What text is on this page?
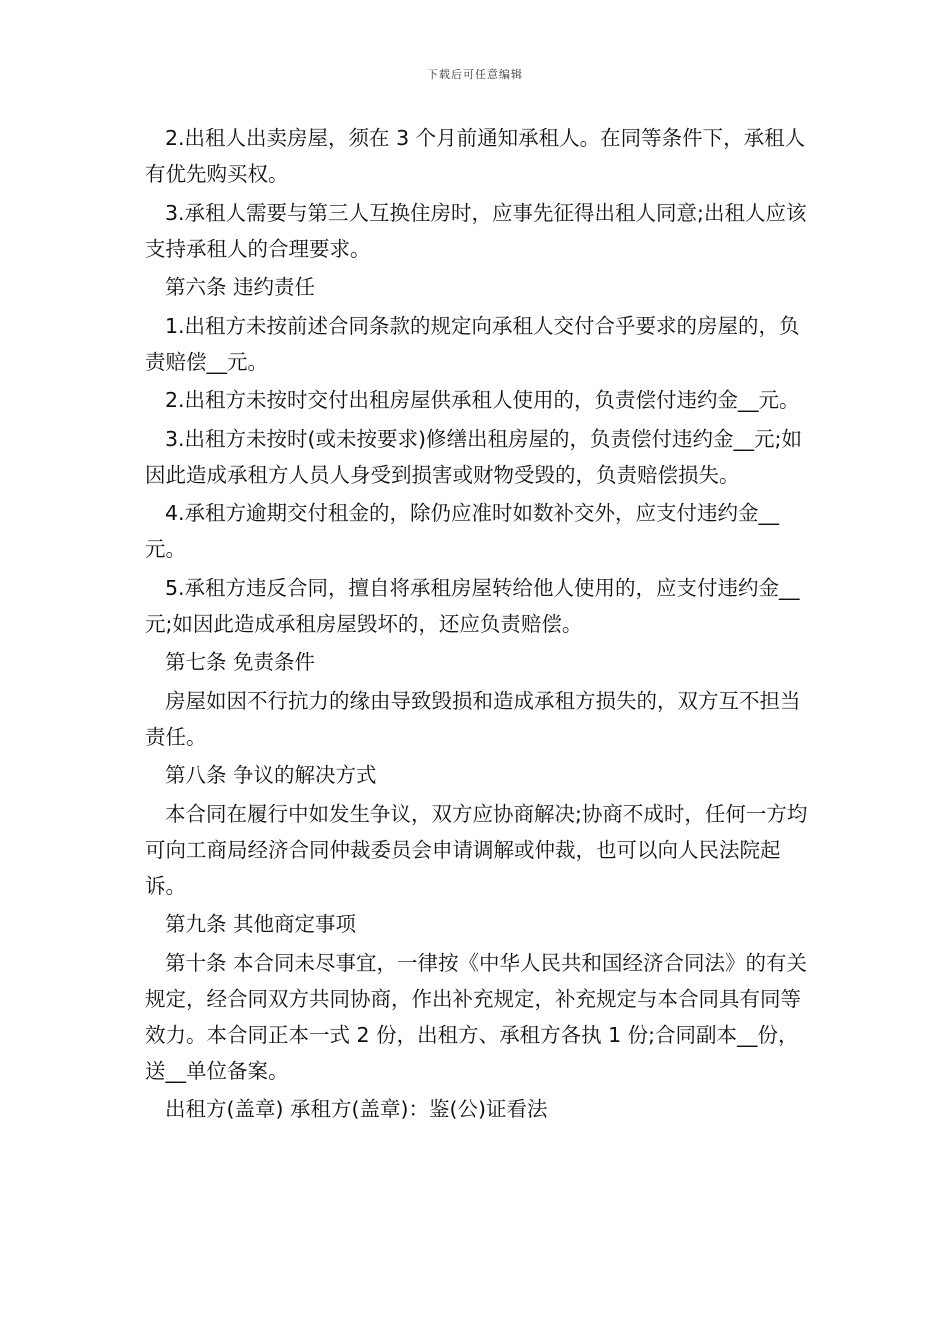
下载后可任意编辑

2.出租人出卖房屋，须在 3 个月前通知承租人。在同等条件下，承租人有优先购买权。

3.承租人需要与第三人互换住房时，应事先征得出租人同意;出租人应该支持承租人的合理要求。

第六条 违约责任

1.出租方未按前述合同条款的规定向承租人交付合乎要求的房屋的，负责赔偿__元。

2.出租方未按时交付出租房屋供承租人使用的，负责偿付违约金__元。

3.出租方未按时(或未按要求)修缮出租房屋的，负责偿付违约金__元;如因此造成承租方人员人身受到损害或财物受毁的，负责赔偿损失。

4.承租方逾期交付租金的，除仍应准时如数补交外，应支付违约金__元。

5.承租方违反合同，擅自将承租房屋转给他人使用的，应支付违约金__元;如因此造成承租房屋毁坏的，还应负责赔偿。

第七条 免责条件

房屋如因不行抗力的缘由导致毁损和造成承租方损失的，双方互不担当责任。

第八条 争议的解决方式

本合同在履行中如发生争议，双方应协商解决;协商不成时，任何一方均可向工商局经济合同仲裁委员会申请调解或仲裁，也可以向人民法院起诉。

第九条 其他商定事项

第十条 本合同未尽事宜，一律按《中华人民共和国经济合同法》的有关规定，经合同双方共同协商，作出补充规定，补充规定与本合同具有同等效力。本合同正本一式 2 份，出租方、承租方各执 1 份;合同副本__份，送__单位备案。

出租方(盖章) 承租方(盖章)：鉴(公)证看法
